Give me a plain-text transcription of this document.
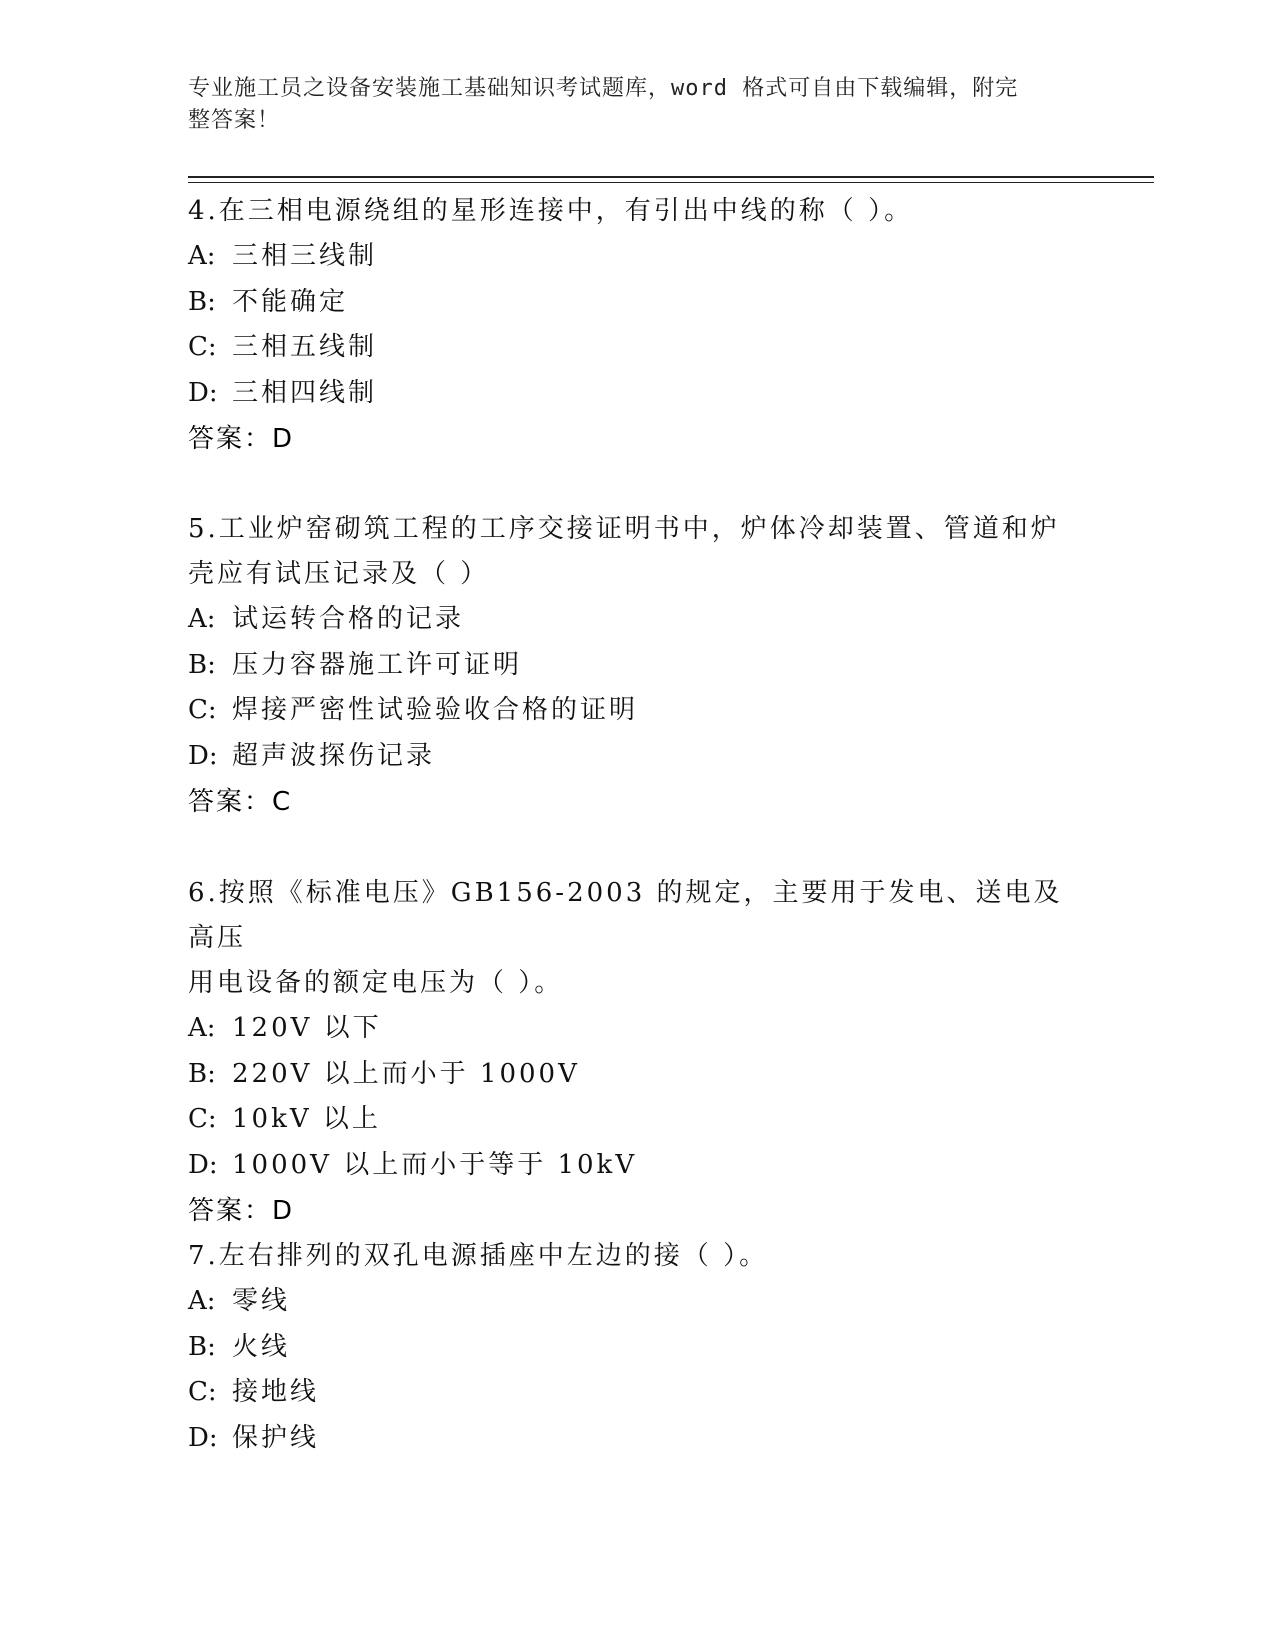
专业施工员之设备安装施工基础知识考试题库，word 格式可自由下载编辑，附完
整答案！

4.在三相电源绕组的星形连接中，有引出中线的称（ ）。

A: 三相三线制

B: 不能确定

C: 三相五线制

D: 三相四线制

答案：D

5.工业炉窑砌筑工程的工序交接证明书中，炉体冷却装置、管道和炉

壳应有试压记录及（ ）

A: 试运转合格的记录

B: 压力容器施工许可证明

C: 焊接严密性试验验收合格的证明

D: 超声波探伤记录

答案：C

6.按照《标准电压》GB156-2003 的规定，主要用于发电、送电及高压

用电设备的额定电压为（ ）。

A: 120V 以下

B: 220V 以上而小于 1000V

C: 10kV 以上

D: 1000V 以上而小于等于 10kV

答案：D

7.左右排列的双孔电源插座中左边的接（ ）。

A: 零线

B: 火线

C: 接地线

D: 保护线
